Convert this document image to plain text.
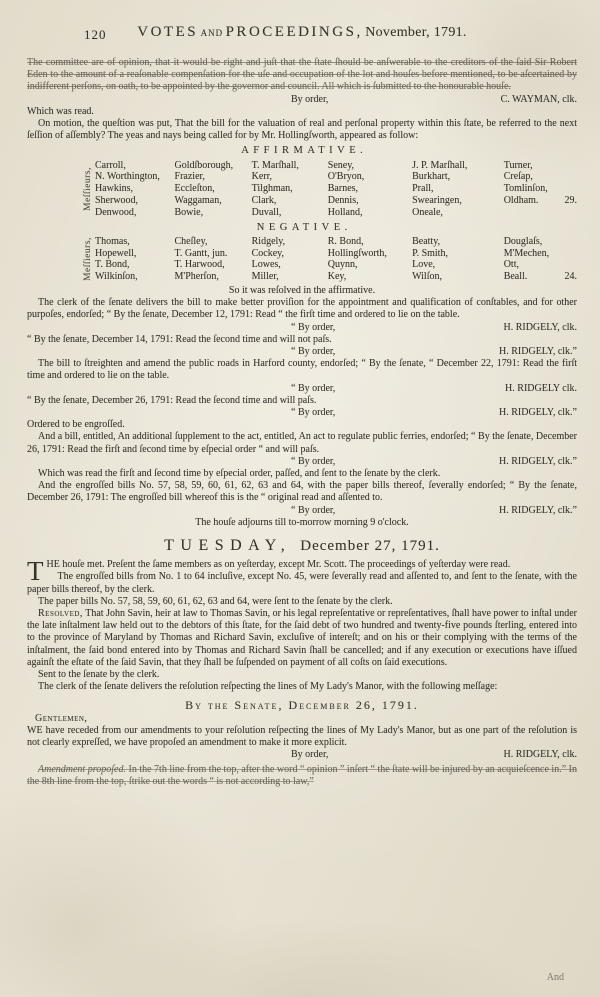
120	VOTES and PROCEEDINGS, November, 1791.

The committee are of opinion, that it would be right and juſt that the ſtate ſhould be anſwerable to the creditors of the ſaid Sir Robert Eden to the amount of a reaſonable compenſation for the uſe and occupation of the lot and houſes before mentioned, to be aſcertained by indifferent perſons, on oath, to be appointed by the governor and council. All which is ſubmitted to the honourable houſe.

By order,	C. WAYMAN, clk.

Which was read.

On motion, the queſtion was put, That the bill for the valuation of real and perſonal property within this ſtate, be referred to the next ſeſſion of aſſembly? The yeas and nays being called for by Mr. Hollingſworth, appeared as follow:

AFFIRMATIVE.
Meſſieurs,
Carroll,	Goldſborough,	T. Marſhall,	Seney,	J. P. Marſhall,	Turner,
N. Worthington,	Frazier,	Kerr,	O'Bryon,	Burkhart,	Creſap,
Hawkins,	Eccleſton,	Tilghman,	Barnes,	Prall,	Tomlinſon,
Sherwood,	Waggaman,	Clark,	Dennis,	Swearingen,	Oldham.
Denwood,	Bowie,	Duvall,	Holland,	Oneale,
29.
NEGATIVE.
Meſſieurs, Thomas,	Cheſley,	Ridgely,	R. Bond,	Beatty,	Douglaſs,
Hopewell,	T. Gantt, jun.	Cockey,	Hollingſworth,	P. Smith,	M'Mechen,
T. Bond,	T. Harwood,	Lowes,	Quynn,	Love,	Ott,
Wilkinſon,	M'Pherſon,	Miller,	Key,	Wilſon,	Beall.	24.

So it was reſolved in the affirmative.

The clerk of the ſenate delivers the bill to make better proviſion for the appointment and qualification of conſtables, and for other purpoſes, endorſed; “ By the ſenate, December 12, 1791: Read “ the firſt time and ordered to lie on the table.

“ By order,	H. RIDGELY, clk.

“ By the ſenate, December 14, 1791: Read the ſecond time and will not paſs.

“ By order,	H. RIDGELY, clk.”

The bill to ſtreighten and amend the public roads in Harford county, endorſed; “ By the ſenate, “ December 22, 1791: Read the firſt time and ordered to lie on the table.

“ By order,	H. RIDGELY clk.

“ By the ſenate, December 26, 1791: Read the ſecond time and will paſs.

“ By order,	H. RIDGELY, clk.”

Ordered to be engroſſed.

And a bill, entitled, An additional ſupplement to the act, entitled, An act to regulate public ferries, endorſed; “ By the ſenate, December 26, 1791: Read the firſt and ſecond time by eſpecial order “ and will paſs.

“ By order,	H. RIDGELY, clk.”

Which was read the firſt and ſecond time by eſpecial order, paſſed, and ſent to the ſenate by the clerk.

And the engroſſed bills No. 57, 58, 59, 60, 61, 62, 63 and 64, with the paper bills thereof, ſeverally endorſed; “ By the ſenate, December 26, 1791: The engroſſed bill whereof this is the “ original read and aſſented to.

“ By order,	H. RIDGELY, clk.”

The houſe adjourns till to-morrow morning 9 o'clock.

TUESDAY, December 27, 1791.

THE houſe met. Preſent the ſame members as on yeſterday, except Mr. Scott. The proceedings of yeſterday were read.

The engroſſed bills from No. 1 to 64 incluſive, except No. 45, were ſeverally read and aſſented to, and ſent to the ſenate, with the paper bills thereof, by the clerk.

The paper bills No. 57, 58, 59, 60, 61, 62, 63 and 64, were ſent to the ſenate by the clerk.

Resolved, That John Savin, heir at law to Thomas Savin, or his legal repreſentative or repreſentatives, ſhall have power to inſtal under the late inſtalment law held out to the debtors of this ſtate, for the ſaid debt of two hundred and twenty-five pounds ſterling, entered into to the province of Maryland by Thomas and Richard Savin, excluſive of intereſt; and on his or their complying with the terms of the inſtalment, the ſaid bond entered into by Thomas and Richard Savin ſhall be cancelled; and if any execution or executions have iſſued againſt the eſtate of the ſaid Savin, that they ſhall be ſuſpended on payment of all coſts on ſaid executions.

Sent to the ſenate by the clerk.

The clerk of the ſenate delivers the reſolution reſpecting the lines of My Lady's Manor, with the following meſſage:

By the Senate, December 26, 1791.

Gentlemen,

WE have receded from our amendments to your reſolution reſpecting the lines of My Lady's Manor, but as one part of the reſolution is not clearly expreſſed, we have propoſed an amendment to make it more explicit.

By order,	H. RIDGELY, clk.

Amendment propoſed. In the 7th line from the top, after the word “ opinion ” inſert “ the ſtate will be injured by an acquieſcence in.” In the 8th line from the top, ſtrike out the words “ is not according to law,”

And
